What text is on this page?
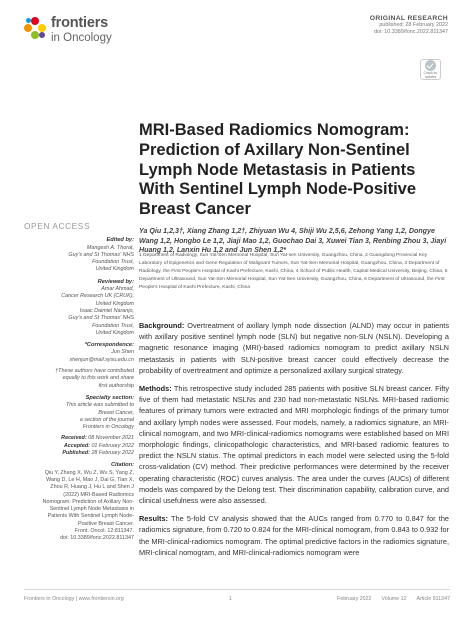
frontiers
in Oncology
ORIGINAL RESEARCH
published: 28 February 2022
doi: 10.3389/fonc.2022.811347
Check for updates
MRI-Based Radiomics Nomogram: Prediction of Axillary Non-Sentinel Lymph Node Metastasis in Patients With Sentinel Lymph Node-Positive Breast Cancer
OPEN ACCESS
Edited by:
Mangesh A. Thorat,
Guy's and St Thomas' NHS
Foundation Trust,
United Kingdom
Reviewed by:
Amar Ahmad,
Cancer Research UK (CRUK),
United Kingdom
Isaac Daimiel Naranjo,
Guy's and St Thomas' NHS
Foundation Trust,
United Kingdom
*Correspondence:
Jun Shen
shenjun@mail.sysu.edu.cn
†These authors have contributed
equally to this work and share
first authorship
Specialty section:
This article was submitted to
Breast Cancer,
a section of the journal
Frontiers in Oncology
Received: 08 November 2021
Accepted: 01 February 2022
Published: 28 February 2022
Citation:
Qiu Y, Zhang X, Wu Z, Wu S, Yang Z,
Wang D, Le H, Mao J, Dai G, Tian X,
Zhou R, Huang J, Hu L and Shen J
(2022) MRI-Based Radiomics
Nomogram: Prediction of Axillary Non-
Sentinel Lymph Node Metastasis in
Patients With Sentinel Lymph Node-
Positive Breast Cancer.
Front. Oncol. 12:811347.
doi: 10.3389/fonc.2022.811347
Ya Qiu 1,2,3†, Xiang Zhang 1,2†, Zhiyuan Wu 4, Shiji Wu 2,5,6, Zehong Yang 1,2, Dongye Wang 1,2, Hongbo Le 1,2, Jiaji Mao 1,2, Guochao Dai 3, Xuwei Tian 3, Renbing Zhou 3, Jiayi Huang 1,2, Lanxin Hu 1,2 and Jun Shen 1,2*
1 Department of Radiology, Sun Yat-Sen Memorial Hospital, Sun Yat-sen University, Guangzhou, China, 2 Guangdong Provincial Key Laboratory of Epigenetics and Gene Regulation of Malignant Tumors, Sun Yat-Sen Memorial Hospital, Guangzhou, China, 3 Department of Radiology, the First People's Hospital of Kashi Prefecture, Kashi, China, 4 School of Public Health, Capital Medical University, Beijing, China, 5 Department of Ultrasound, Sun Yat-Sen Memorial Hospital, Sun Yat-Sen University, Guangzhou, China, 6 Department of Ultrasound, the First People's Hospital of Kashi Prefecture, Kashi, China

Background: Overtreatment of axillary lymph node dissection (ALND) may occur in patients with axillary positive sentinel lymph node (SLN) but negative non-SLN (NSLN). Developing a magnetic resonance imaging (MRI)-based radiomics nomogram to predict axillary NSLN metastasis in patients with SLN-positive breast cancer could effectively decrease the probability of overtreatment and optimize a personalized axillary surgical strategy.

Methods: This retrospective study included 285 patients with positive SLN breast cancer. Fifty five of them had metastatic NSLNs and 230 had non-metastatic NSLNs. MRI-based radiomic features of primary tumors were extracted and MRI morphologic findings of the primary tumor and axillary lymph nodes were assessed. Four models, namely, a radiomics signature, an MRI-clinical nomogram, and two MRI-clinical-radiomics nomograms were established based on MRI morphologic findings, clinicopathologic characteristics, and MRI-based radiomic features to predict the NSLN status. The optimal predictors in each model were selected using the 5-fold cross-validation (CV) method. Their predictive performances were determined by the receiver operating characteristic (ROC) curves analysis. The area under the curves (AUCs) of different models was compared by the Delong test. Their discrimination capability, calibration curve, and clinical usefulness were also assessed.

Results: The 5-fold CV analysis showed that the AUCs ranged from 0.770 to 0.847 for the radiomics signature, from 0.720 to 0.824 for the MRI-clinical nomogram, from 0.843 to 0.932 for the MRI-clinical-radiomics nomogram. The optimal predictive factors in the radiomics signature, MRI-clinical nomogram, and MRI-clinical-radiomics nomogram were

Frontiers in Oncology | www.frontiersin.org	1	February 2022 Volume 12 Article 811347
